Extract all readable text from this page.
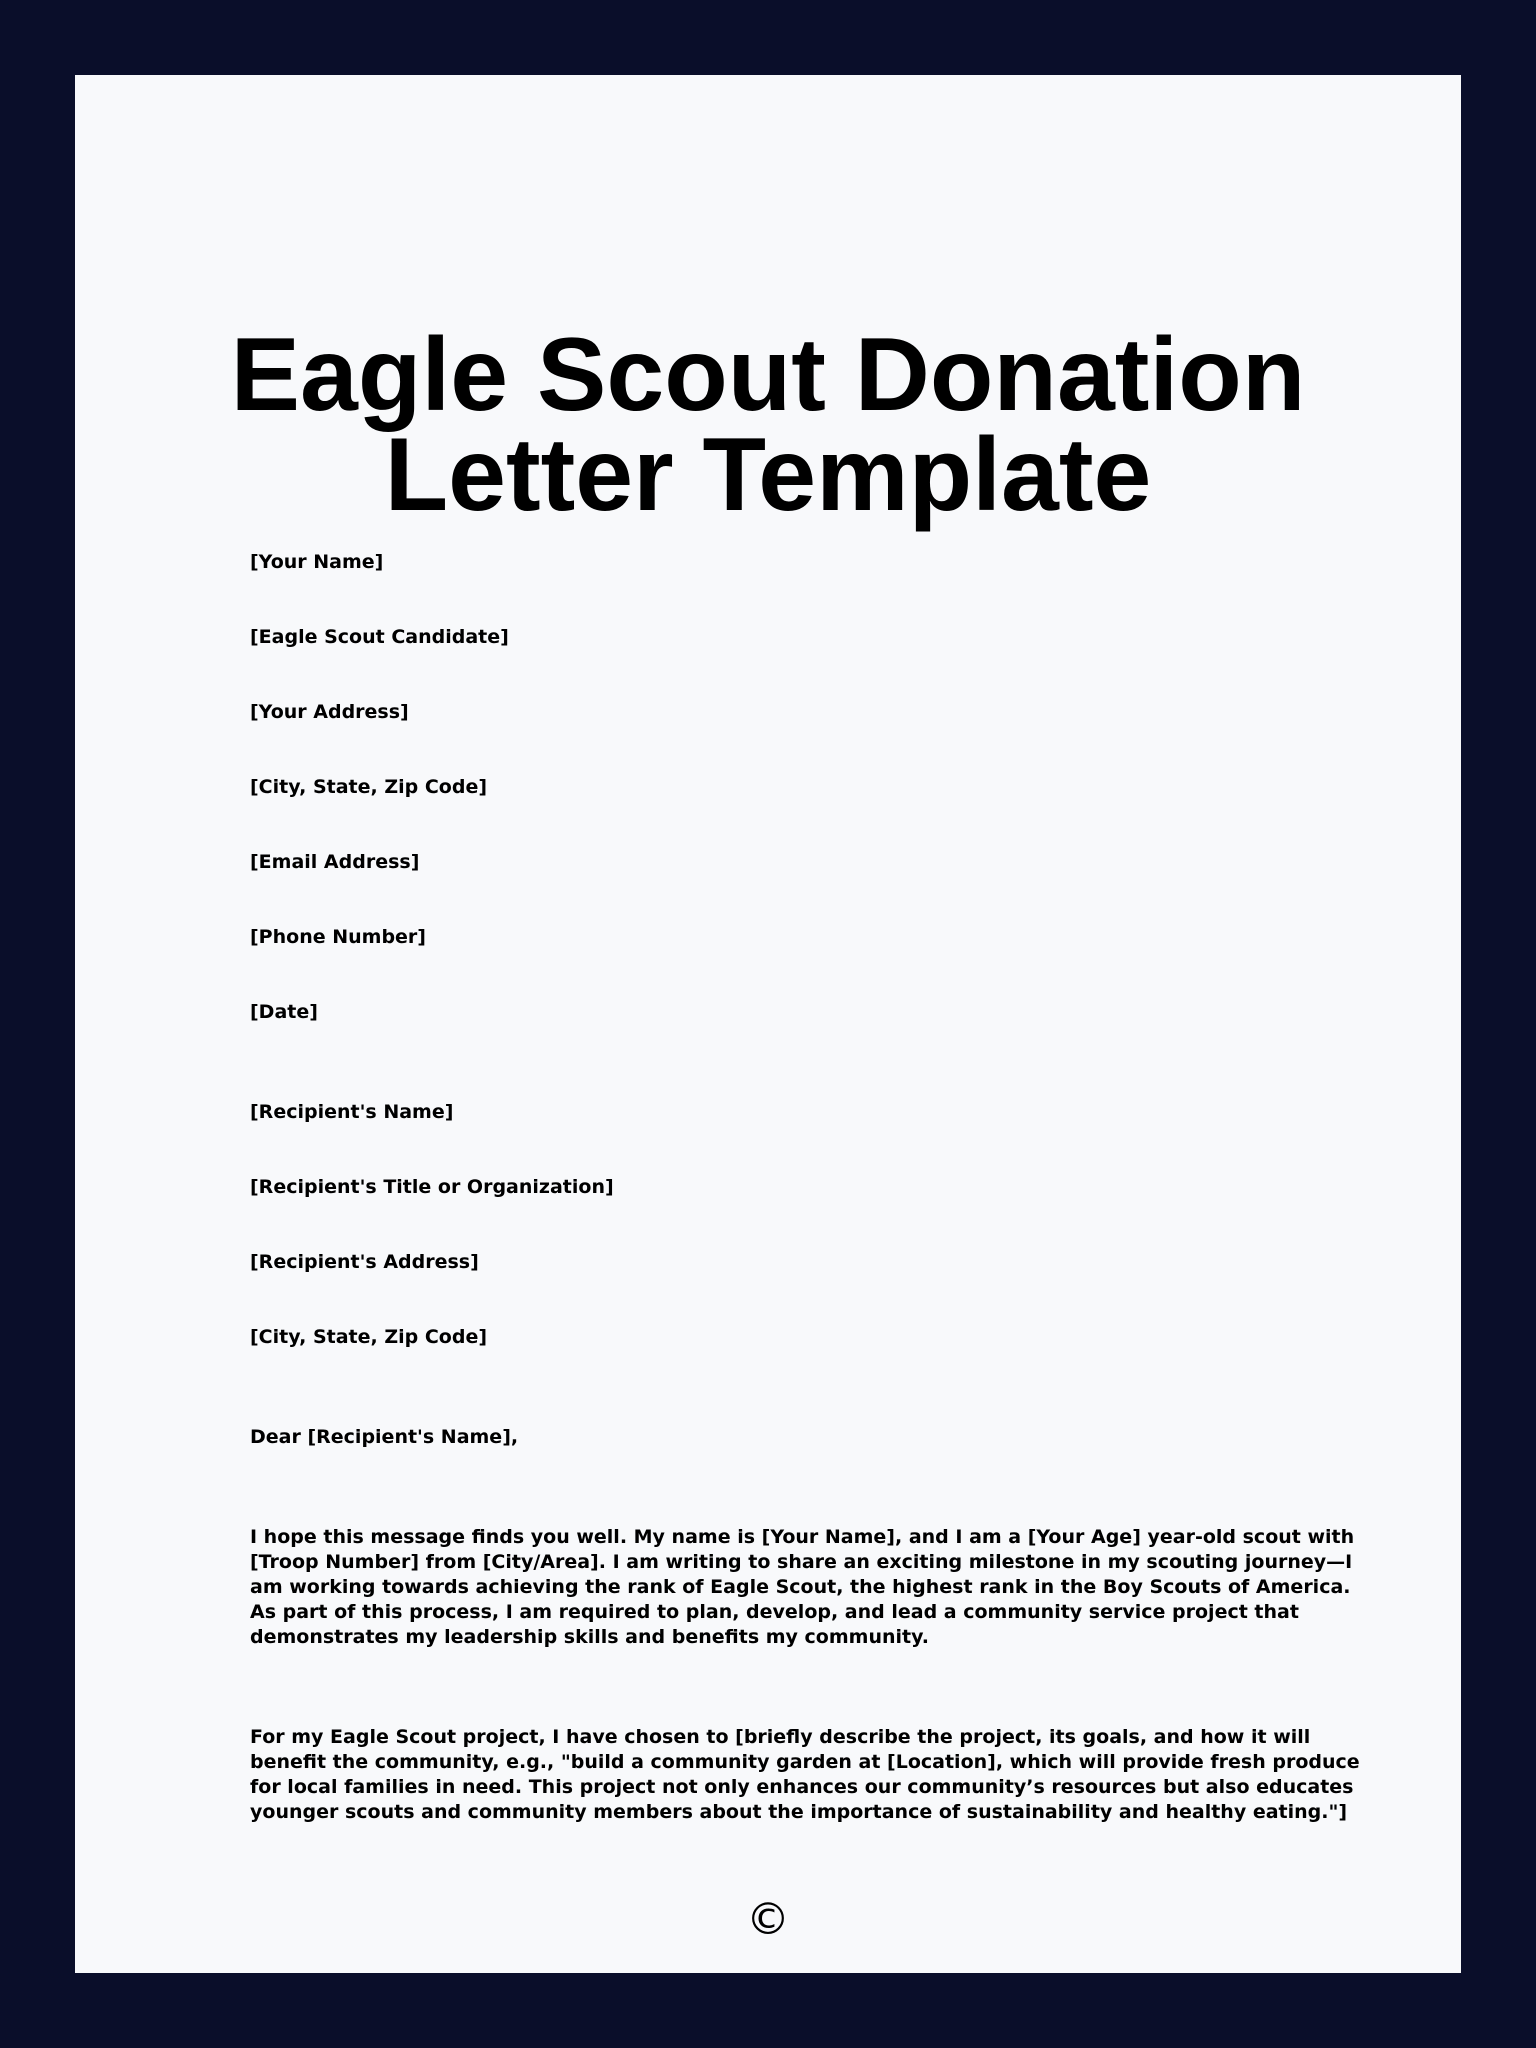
Eagle Scout Donation Letter Template
[Your Name]
[Eagle Scout Candidate]
[Your Address]
[City, State, Zip Code]
[Email Address]
[Phone Number]
[Date]
[Recipient's Name]
[Recipient's Title or Organization]
[Recipient's Address]
[City, State, Zip Code]
Dear [Recipient's Name],
I hope this message finds you well. My name is [Your Name], and I am a [Your Age] year-old scout with [Troop Number] from [City/Area]. I am writing to share an exciting milestone in my scouting journey—I am working towards achieving the rank of Eagle Scout, the highest rank in the Boy Scouts of America. As part of this process, I am required to plan, develop, and lead a community service project that demonstrates my leadership skills and benefits my community.
For my Eagle Scout project, I have chosen to [briefly describe the project, its goals, and how it will benefit the community, e.g., "build a community garden at [Location], which will provide fresh produce for local families in need. This project not only enhances our community’s resources but also educates younger scouts and community members about the importance of sustainability and healthy eating."]
©
